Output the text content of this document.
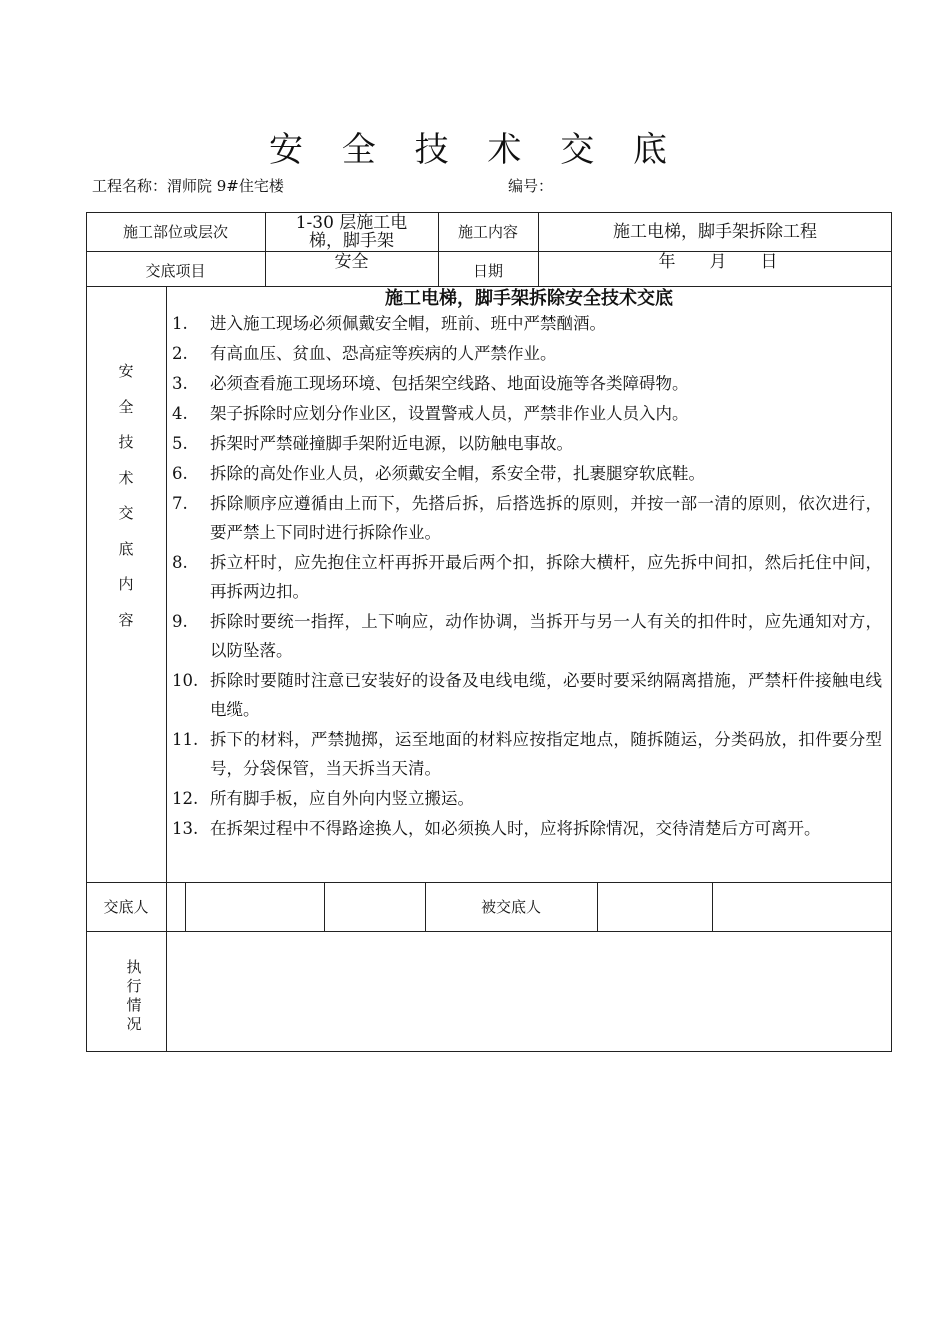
安 全 技 术 交 底
工程名称：渭师院 9#住宅楼	编号：
施工部位或层次	1-30 层施工电梯，脚手架	施工内容	施工电梯，脚手架拆除工程
交底项目	安全	日期	年　　月　　日
安
全
技
术
交
底
内
容
施工电梯，脚手架拆除安全技术交底
1.	进入施工现场必须佩戴安全帽，班前、班中严禁酗酒。
2.	有高血压、贫血、恐高症等疾病的人严禁作业。
3.	必须查看施工现场环境、包括架空线路、地面设施等各类障碍物。
4.	架子拆除时应划分作业区，设置警戒人员，严禁非作业人员入内。
5.	拆架时严禁碰撞脚手架附近电源，以防触电事故。
6.	拆除的高处作业人员，必须戴安全帽，系安全带，扎裹腿穿软底鞋。
7.	拆除顺序应遵循由上而下，先搭后拆，后搭选拆的原则，并按一部一清的原则，依次进行，要严禁上下同时进行拆除作业。
8.	拆立杆时，应先抱住立杆再拆开最后两个扣，拆除大横杆，应先拆中间扣，然后托住中间，再拆两边扣。
9.	拆除时要统一指挥，上下响应，动作协调，当拆开与另一人有关的扣件时，应先通知对方，以防坠落。
10. 拆除时要随时注意已安装好的设备及电线电缆，必要时要采纳隔离措施，严禁杆件接触电线电缆。
11. 拆下的材料，严禁抛掷，运至地面的材料应按指定地点，随拆随运，分类码放，扣件要分型号，分袋保管，当天拆当天清。
12. 所有脚手板，应自外向内竖立搬运。
13. 在拆架过程中不得路途换人，如必须换人时，应将拆除情况，交待清楚后方可离开。
交底人	被交底人
执
行
情
况
